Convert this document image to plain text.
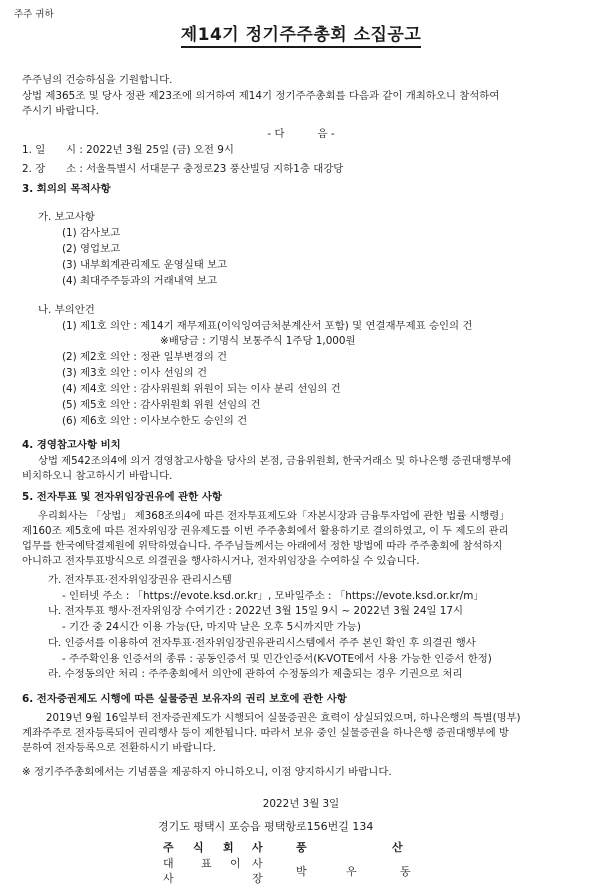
주주 귀하
제14기 정기주주총회 소집공고
주주님의 건승하심을 기원합니다.
상법 제365조 및 당사 정관 제23조에 의거하여 제14기 정기주주총회를 다음과 같이 개최하오니 참석하여
주시기 바랍니다.
- 다          음 -
1. 일 시 : 2022년 3월 25일 (금) 오전 9시
2. 장 소 : 서울특별시 서대문구 충정로23 풍산빌딩 지하1층 대강당
3. 회의의 목적사항
가. 보고사항
(1) 감사보고
(2) 영업보고
(3) 내부회계관리제도 운영실태 보고
(4) 최대주주등과의 거래내역 보고
나. 부의안건
(1) 제1호 의안 : 제14기 재무제표(이익잉여금처분계산서 포함) 및 연결재무제표 승인의 건
※배당금 : 기명식 보통주식 1주당 1,000원
(2) 제2호 의안 : 정관 일부변경의 건
(3) 제3호 의안 : 이사 선임의 건
(4) 제4호 의안 : 감사위원회 위원이 되는 이사 분리 선임의 건
(5) 제5호 의안 : 감사위원회 위원 선임의 건
(6) 제6호 의안 : 이사보수한도 승인의 건
4. 경영참고사항 비치
상법 제542조의4에 의거 경영참고사항을 당사의 본점, 금융위원회, 한국거래소 및 하나은행 증권대행부에
비치하오니 참고하시기 바랍니다.
5. 전자투표 및 전자위임장권유에 관한 사항
우리회사는 「상법」 제368조의4에 따른 전자투표제도와「자본시장과 금융투자업에 관한 법률 시행령」
제160조 제5호에 따른 전자위임장 권유제도를 이번 주주총회에서 활용하기로 결의하였고, 이 두 제도의 관리
업무를 한국예탁결제원에 위탁하였습니다. 주주님들께서는 아래에서 정한 방법에 따라 주주총회에 참석하지
아니하고 전자투표방식으로 의결권을 행사하시거나, 전자위임장을 수여하실 수 있습니다.
가. 전자투표·전자위임장권유 관리시스템
- 인터넷 주소 : 「https://evote.ksd.or.kr」, 모바일주소 : 「https://evote.ksd.or.kr/m」
나. 전자투표 행사·전자위임장 수여기간 : 2022년 3월 15일 9시 ~ 2022년 3월 24일 17시
- 기간 중 24시간 이용 가능(단, 마지막 날은 오후 5시까지만 가능)
다. 인증서를 이용하여 전자투표·전자위임장권유관리시스템에서 주주 본인 확인 후 의결권 행사
- 주주확인용 인증서의 종류 : 공동인증서 및 민간인증서(K-VOTE에서 사용 가능한 인증서 한정)
라. 수정동의안 처리 : 주주총회에서 의안에 관하여 수정동의가 제출되는 경우 기권으로 처리
6. 전자증권제도 시행에 따른 실물증권 보유자의 권리 보호에 관한 사항
2019년 9월 16일부터 전자증권제도가 시행되어 실물증권은 효력이 상실되었으며, 하나은행의 특별(명부)
계좌주주로 전자등록되어 권리행사 등이 제한됩니다. 따라서 보유 중인 실물증권을 하나은행 증권대행부에 방
문하여 전자등록으로 전환하시기 바랍니다.
※ 정기주주총회에서는 기념품을 제공하지 아니하오니, 이점 양지하시기 바랍니다.
2022년 3월 3일
경기도 평택시 포승읍 평택항로156번길 134
주 식 회 사	풍	산
대 표 이 사
박	우	동
사	장
